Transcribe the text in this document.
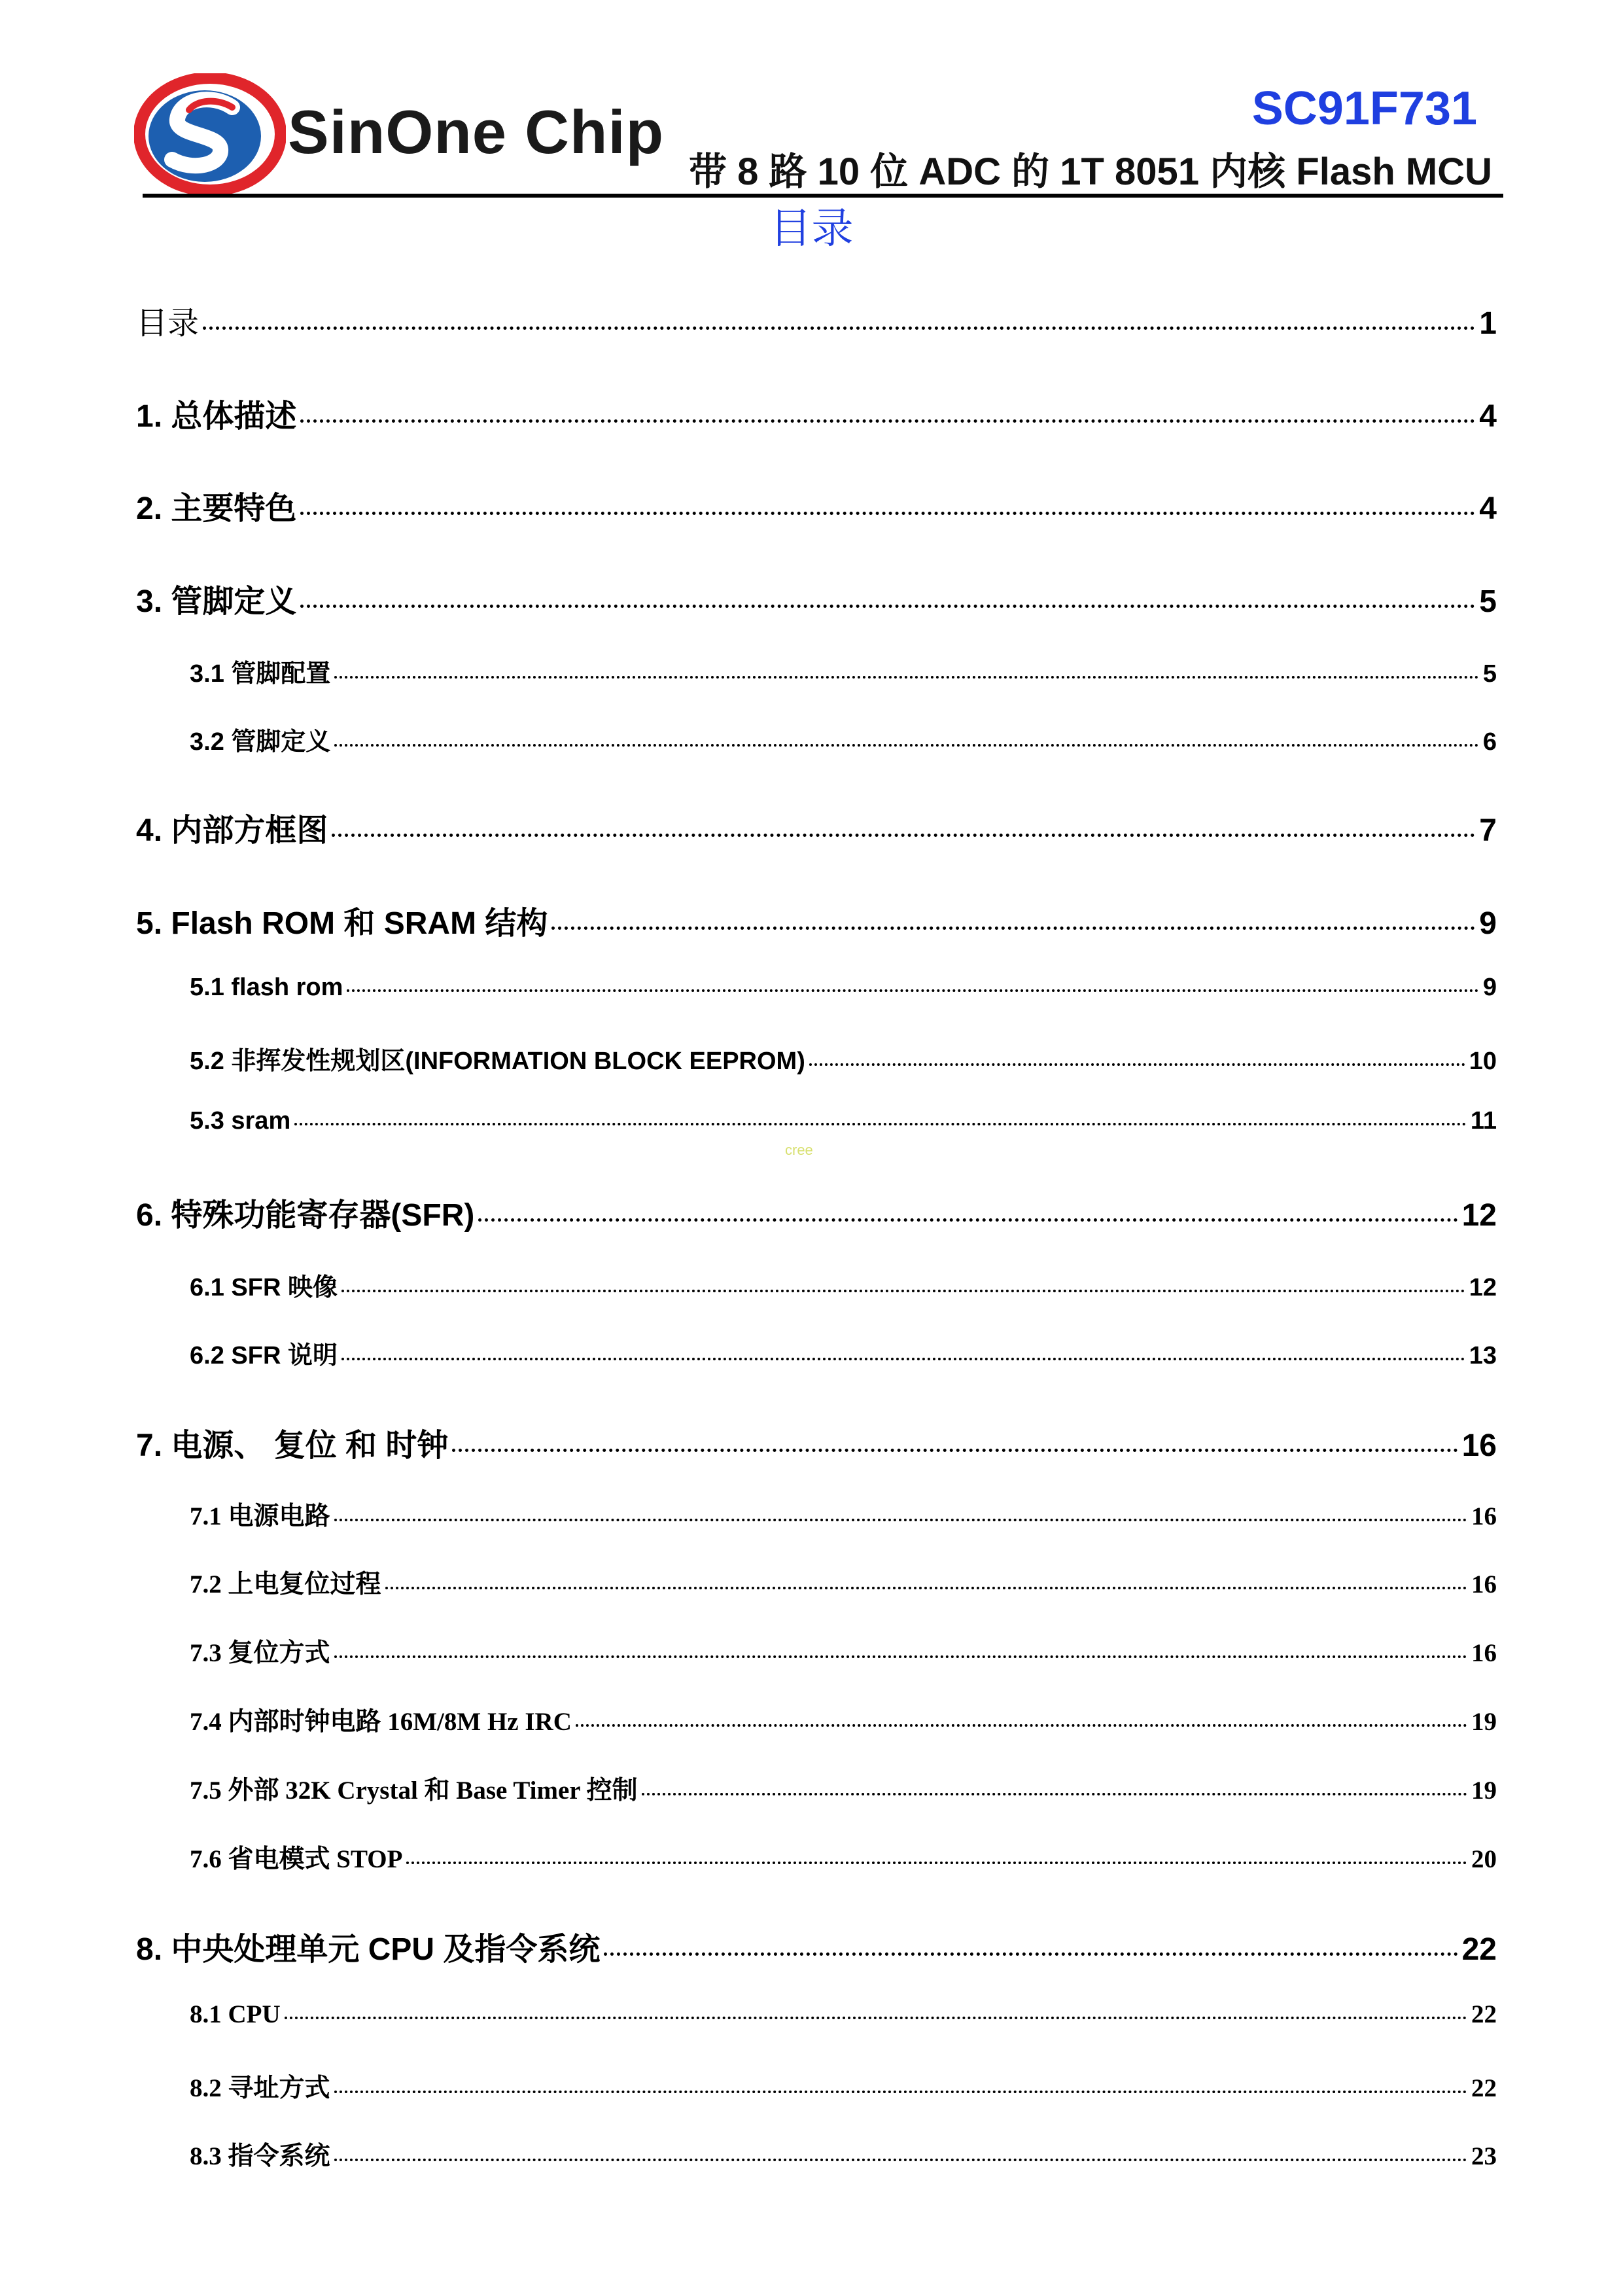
SinOne Chip	SC91F731
带 8 路 10 位 ADC 的 1T 8051 内核 Flash MCU
目录
目录	1
1. 总体描述	4
2. 主要特色	4
3. 管脚定义	5
3.1 管脚配置	5
3.2 管脚定义	6
4. 内部方框图	7
5. Flash ROM 和 SRAM 结构	9
5.1 flash rom	9
5.2 非挥发性规划区(INFORMATION BLOCK EEPROM)	10
5.3 sram	11
cree
6. 特殊功能寄存器(SFR)	12
6.1 SFR 映像	12
6.2 SFR 说明	13
7. 电源、 复位 和 时钟	16
7.1 电源电路	16
7.2 上电复位过程	16
7.3 复位方式	16
7.4 内部时钟电路 16M/8M Hz IRC	19
7.5 外部 32K Crystal 和 Base Timer 控制	19
7.6 省电模式 STOP	20
8. 中央处理单元 CPU 及指令系统	22
8.1 CPU	22
8.2 寻址方式	22
8.3 指令系统	23
